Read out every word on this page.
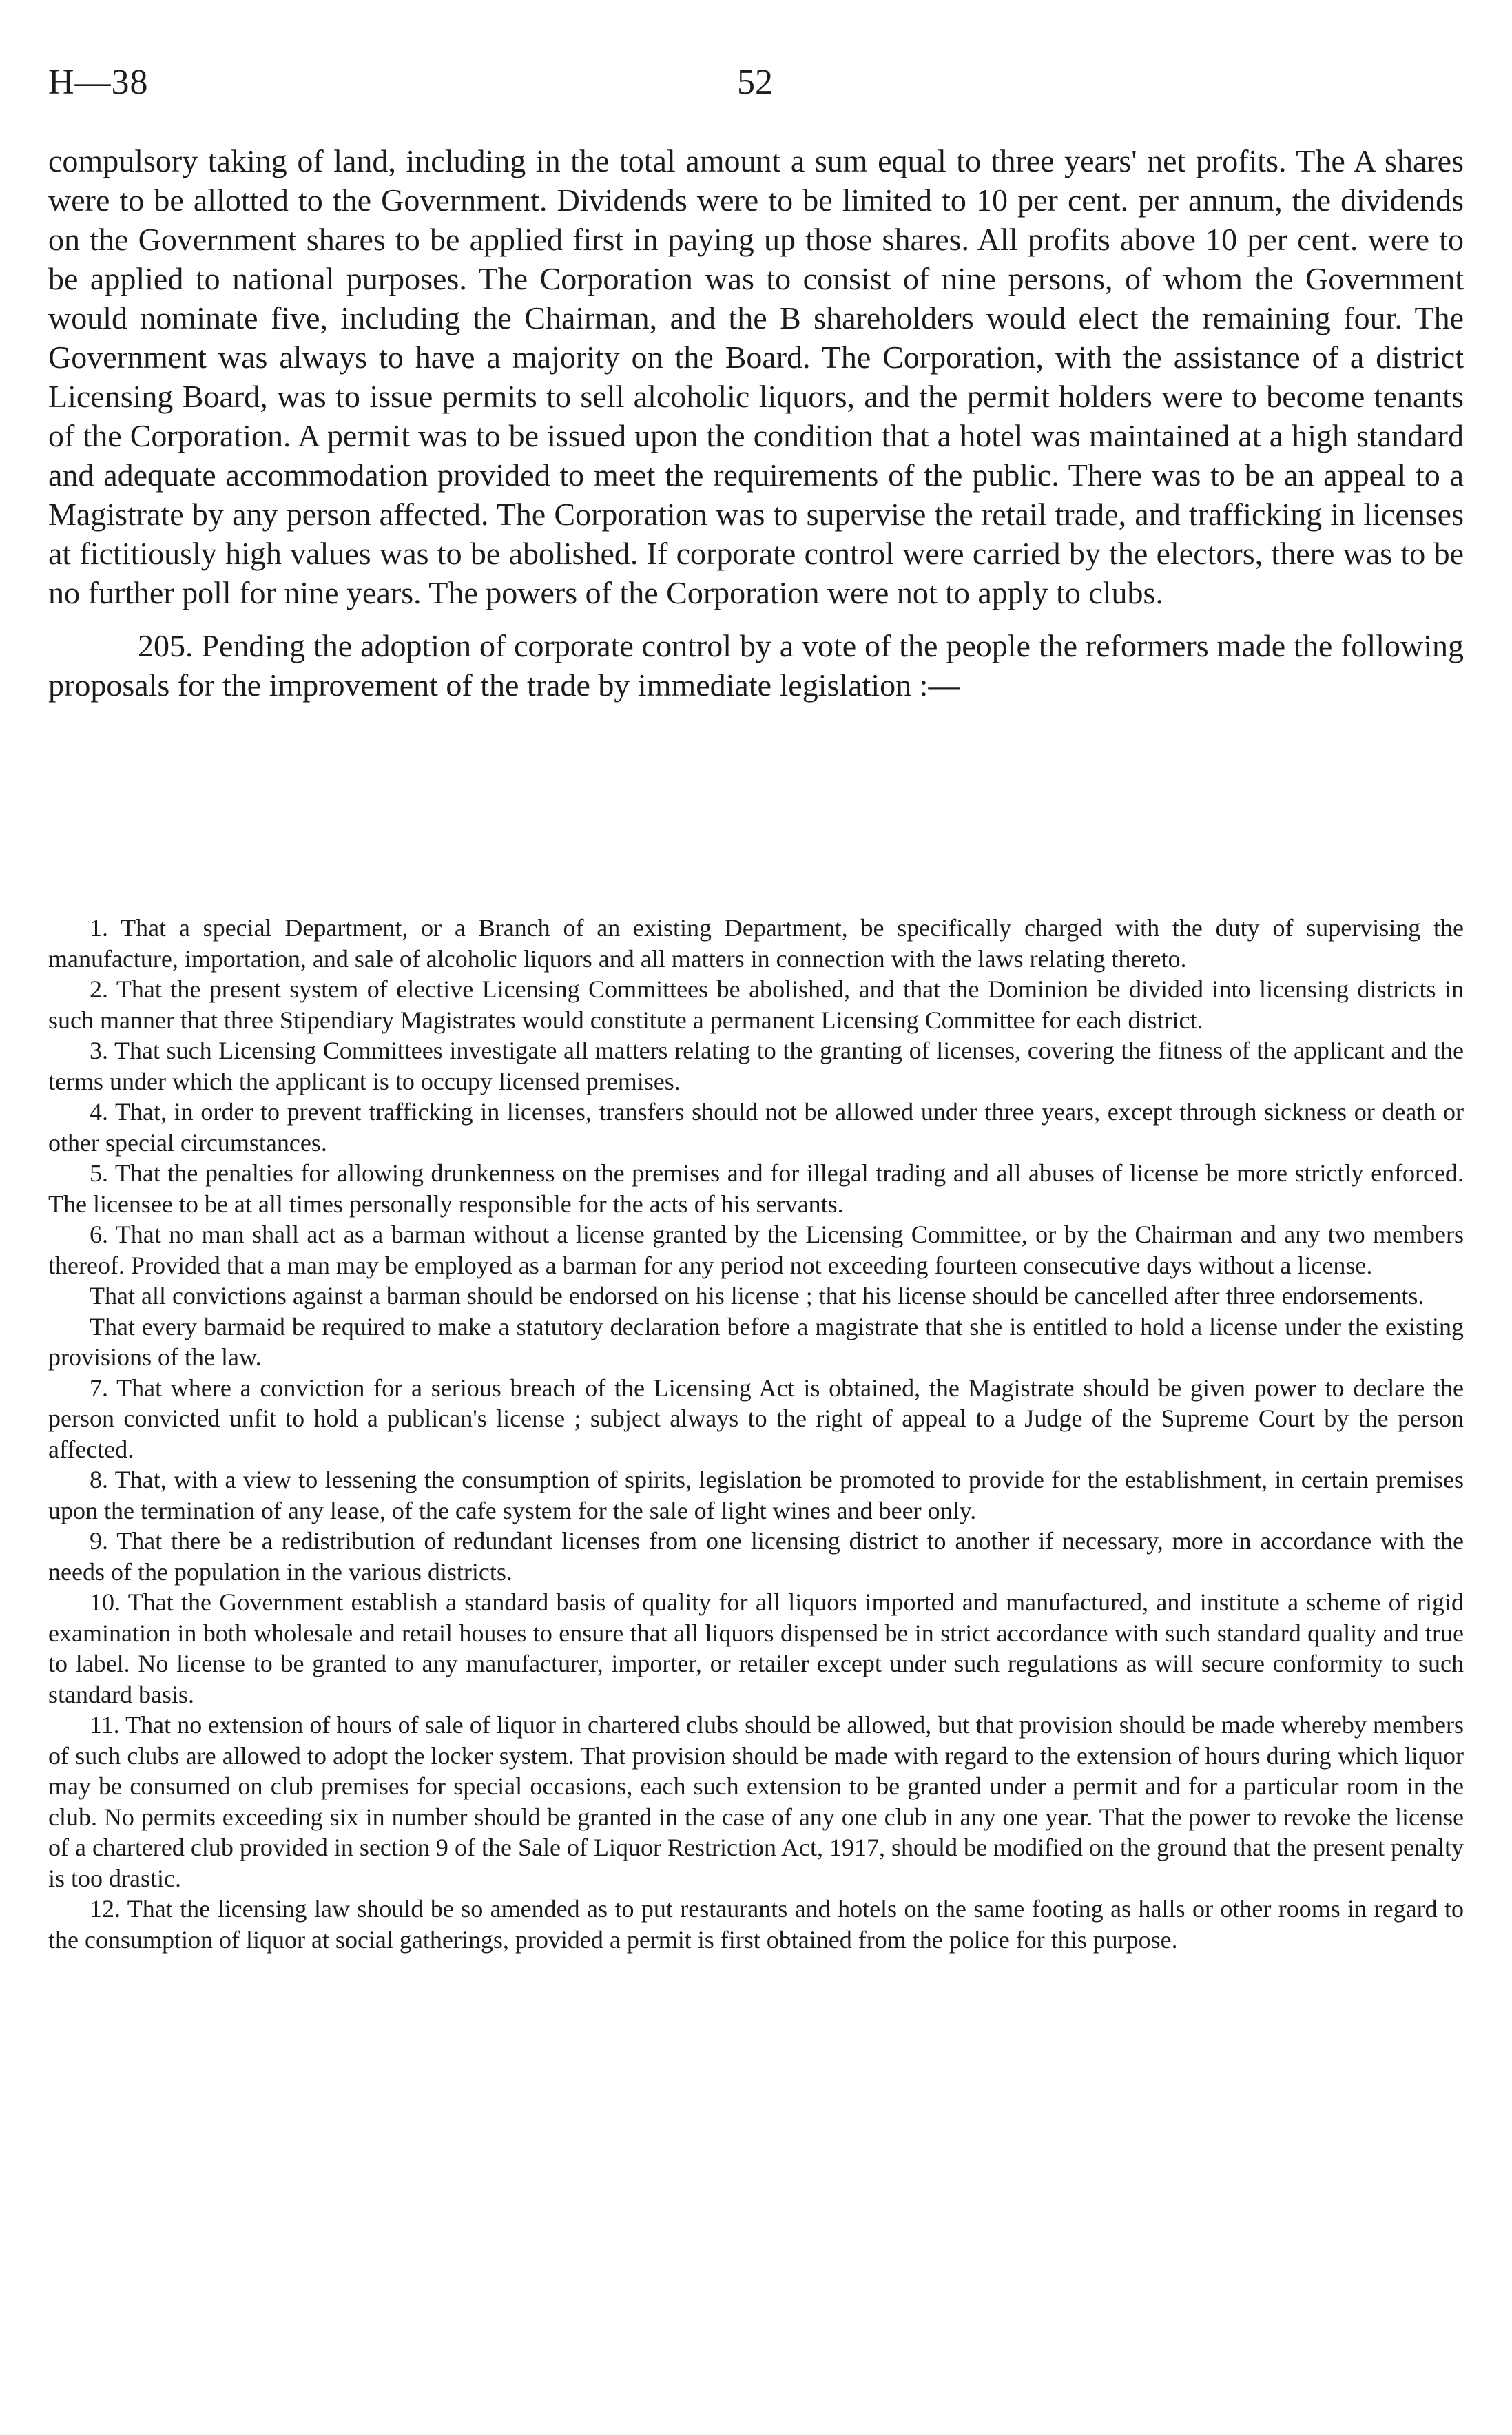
H—38	52

compulsory taking of land, including in the total amount a sum equal to three years' net profits. The A shares were to be allotted to the Government. Dividends were to be limited to 10 per cent. per annum, the dividends on the Government shares to be applied first in paying up those shares. All profits above 10 per cent. were to be applied to national purposes. The Corporation was to consist of nine persons, of whom the Government would nominate five, including the Chairman, and the B shareholders would elect the remaining four. The Government was always to have a majority on the Board. The Corporation, with the assistance of a district Licensing Board, was to issue permits to sell alcoholic liquors, and the permit holders were to become tenants of the Corporation. A permit was to be issued upon the condition that a hotel was maintained at a high standard and adequate accommodation provided to meet the requirements of the public. There was to be an appeal to a Magistrate by any person affected. The Corporation was to supervise the retail trade, and trafficking in licenses at fictitiously high values was to be abolished. If corporate control were carried by the electors, there was to be no further poll for nine years. The powers of the Corporation were not to apply to clubs.

205. Pending the adoption of corporate control by a vote of the people the reformers made the following proposals for the improvement of the trade by immediate legislation :—

1. That a special Department, or a Branch of an existing Department, be specifically charged with the duty of supervising the manufacture, importation, and sale of alcoholic liquors and all matters in connection with the laws relating thereto.

2. That the present system of elective Licensing Committees be abolished, and that the Dominion be divided into licensing districts in such manner that three Stipendiary Magistrates would constitute a permanent Licensing Committee for each district.

3. That such Licensing Committees investigate all matters relating to the granting of licenses, covering the fitness of the applicant and the terms under which the applicant is to occupy licensed premises.

4. That, in order to prevent trafficking in licenses, transfers should not be allowed under three years, except through sickness or death or other special circumstances.

5. That the penalties for allowing drunkenness on the premises and for illegal trading and all abuses of license be more strictly enforced. The licensee to be at all times personally responsible for the acts of his servants.

6. That no man shall act as a barman without a license granted by the Licensing Committee, or by the Chairman and any two members thereof. Provided that a man may be employed as a barman for any period not exceeding fourteen consecutive days without a license.

That all convictions against a barman should be endorsed on his license ; that his license should be cancelled after three endorsements.

That every barmaid be required to make a statutory declaration before a magistrate that she is entitled to hold a license under the existing provisions of the law.

7. That where a conviction for a serious breach of the Licensing Act is obtained, the Magistrate should be given power to declare the person convicted unfit to hold a publican's license ; subject always to the right of appeal to a Judge of the Supreme Court by the person affected.

8. That, with a view to lessening the consumption of spirits, legislation be promoted to provide for the establishment, in certain premises upon the termination of any lease, of the cafe system for the sale of light wines and beer only.

9. That there be a redistribution of redundant licenses from one licensing district to another if necessary, more in accordance with the needs of the population in the various districts.

10. That the Government establish a standard basis of quality for all liquors imported and manufactured, and institute a scheme of rigid examination in both wholesale and retail houses to ensure that all liquors dispensed be in strict accordance with such standard quality and true to label. No license to be granted to any manufacturer, importer, or retailer except under such regulations as will secure conformity to such standard basis.

11. That no extension of hours of sale of liquor in chartered clubs should be allowed, but that provision should be made whereby members of such clubs are allowed to adopt the locker system. That provision should be made with regard to the extension of hours during which liquor may be consumed on club premises for special occasions, each such extension to be granted under a permit and for a particular room in the club. No permits exceeding six in number should be granted in the case of any one club in any one year. That the power to revoke the license of a chartered club provided in section 9 of the Sale of Liquor Restriction Act, 1917, should be modified on the ground that the present penalty is too drastic.

12. That the licensing law should be so amended as to put restaurants and hotels on the same footing as halls or other rooms in regard to the consumption of liquor at social gatherings, provided a permit is first obtained from the police for this purpose.
